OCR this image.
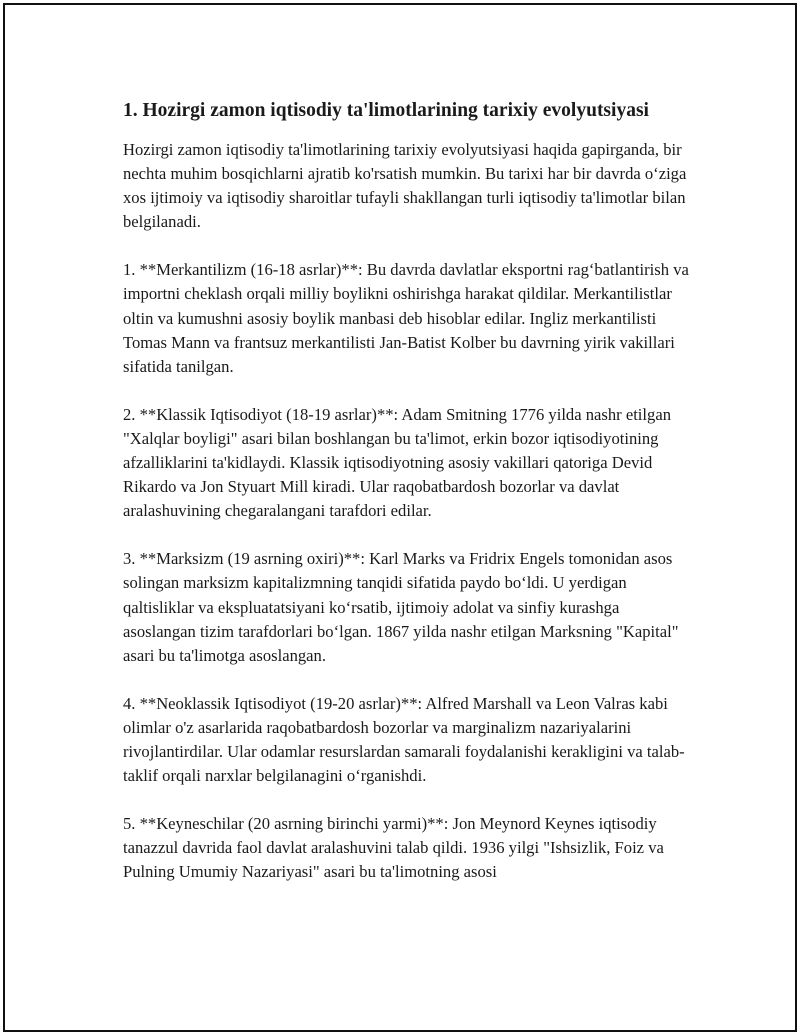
1. Hozirgi zamon iqtisodiy ta'limotlarining tarixiy evolyutsiyasi

Hozirgi zamon iqtisodiy ta'limotlarining tarixiy evolyutsiyasi haqida gapirganda, bir nechta muhim bosqichlarni ajratib ko'rsatish mumkin. Bu tarixi har bir davrda o‘ziga xos ijtimoiy va iqtisodiy sharoitlar tufayli shakllangan turli iqtisodiy ta'limotlar bilan belgilanadi.

1. **Merkantilizm (16-18 asrlar)**: Bu davrda davlatlar eksportni rag‘batlantirish va importni cheklash orqali milliy boylikni oshirishga harakat qildilar. Merkantilistlar oltin va kumushni asosiy boylik manbasi deb hisoblar edilar. Ingliz merkantilisti Tomas Mann va frantsuz merkantilisti Jan-Batist Kolber bu davrning yirik vakillari sifatida tanilgan.

2. **Klassik Iqtisodiyot (18-19 asrlar)**: Adam Smitning 1776 yilda nashr etilgan "Xalqlar boyligi" asari bilan boshlangan bu ta'limot, erkin bozor iqtisodiyotining afzalliklarini ta'kidlaydi. Klassik iqtisodiyotning asosiy vakillari qatoriga Devid Rikardo va Jon Styuart Mill kiradi. Ular raqobatbardosh bozorlar va davlat aralashuvining chegaralangani tarafdori edilar.

3. **Marksizm (19 asrning oxiri)**: Karl Marks va Fridrix Engels tomonidan asos solingan marksizm kapitalizmning tanqidi sifatida paydo bo‘ldi. U yerdigan qaltisliklar va ekspluatatsiyani ko‘rsatib, ijtimoiy adolat va sinfiy kurashga asoslangan tizim tarafdorlari bo‘lgan. 1867 yilda nashr etilgan Marksning "Kapital" asari bu ta'limotga asoslangan.

4. **Neoklassik Iqtisodiyot (19-20 asrlar)**: Alfred Marshall va Leon Valras kabi olimlar o'z asarlarida raqobatbardosh bozorlar va marginalizm nazariyalarini rivojlantirdilar. Ular odamlar resurslardan samarali foydalanishi kerakligini va talab-taklif orqali narxlar belgilanagini o‘rganishdi.

5. **Keyneschilar (20 asrning birinchi yarmi)**: Jon Meynord Keynes iqtisodiy tanazzul davrida faol davlat aralashuvini talab qildi. 1936 yilgi "Ishsizlik, Foiz va Pulning Umumiy Nazariyasi" asari bu ta'limotning asosi
